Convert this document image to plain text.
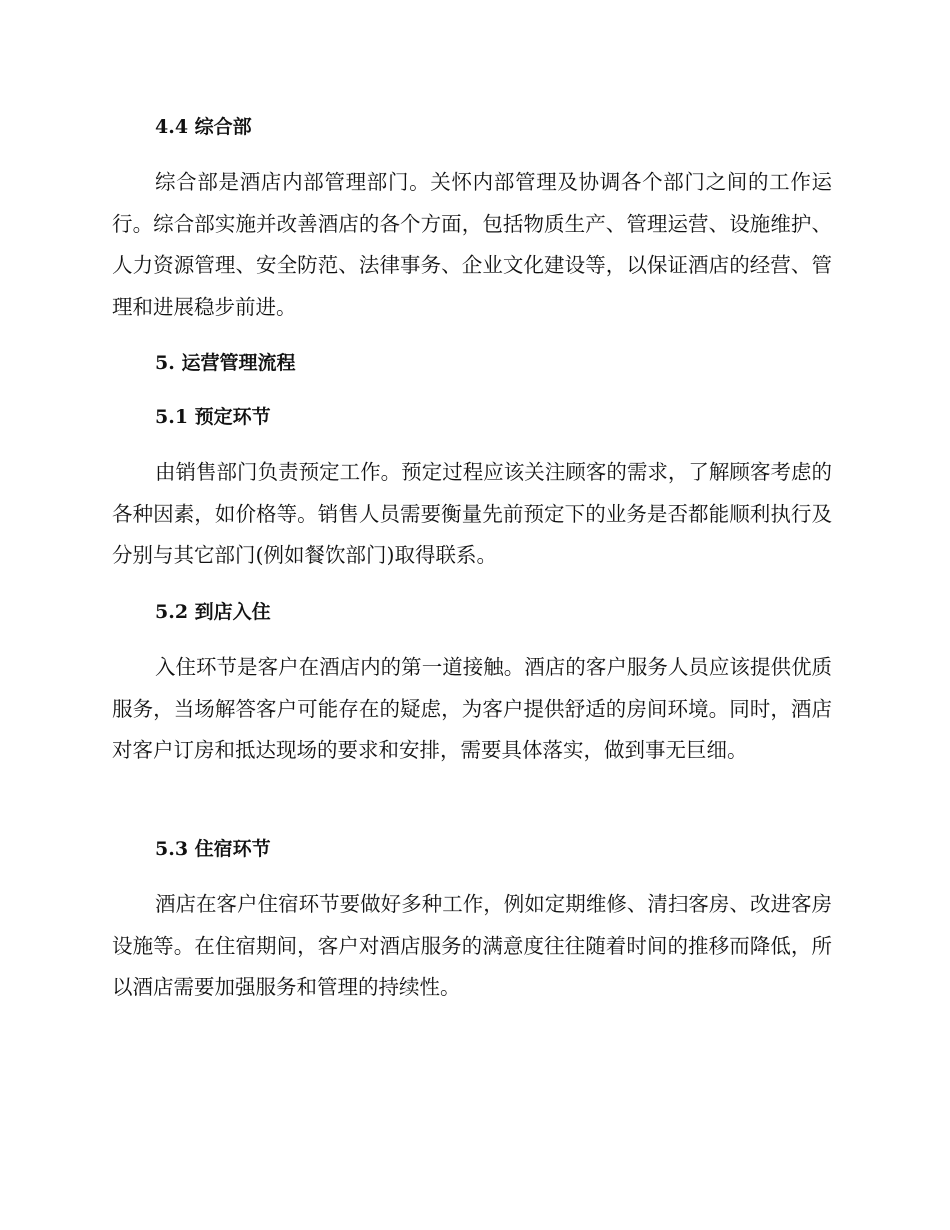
4.4 综合部

综合部是酒店内部管理部门。关怀内部管理及协调各个部门之间的工作运行。综合部实施并改善酒店的各个方面，包括物质生产、管理运营、设施维护、人力资源管理、安全防范、法律事务、企业文化建设等，以保证酒店的经营、管理和进展稳步前进。

5. 运营管理流程
5.1 预定环节

由销售部门负责预定工作。预定过程应该关注顾客的需求，了解顾客考虑的各种因素，如价格等。销售人员需要衡量先前预定下的业务是否都能顺利执行及分别与其它部门(例如餐饮部门)取得联系。

5.2 到店入住

入住环节是客户在酒店内的第一道接触。酒店的客户服务人员应该提供优质服务，当场解答客户可能存在的疑虑，为客户提供舒适的房间环境。同时，酒店对客户订房和抵达现场的要求和安排，需要具体落实，做到事无巨细。

5.3 住宿环节

酒店在客户住宿环节要做好多种工作，例如定期维修、清扫客房、改进客房设施等。在住宿期间，客户对酒店服务的满意度往往随着时间的推移而降低，所以酒店需要加强服务和管理的持续性。
